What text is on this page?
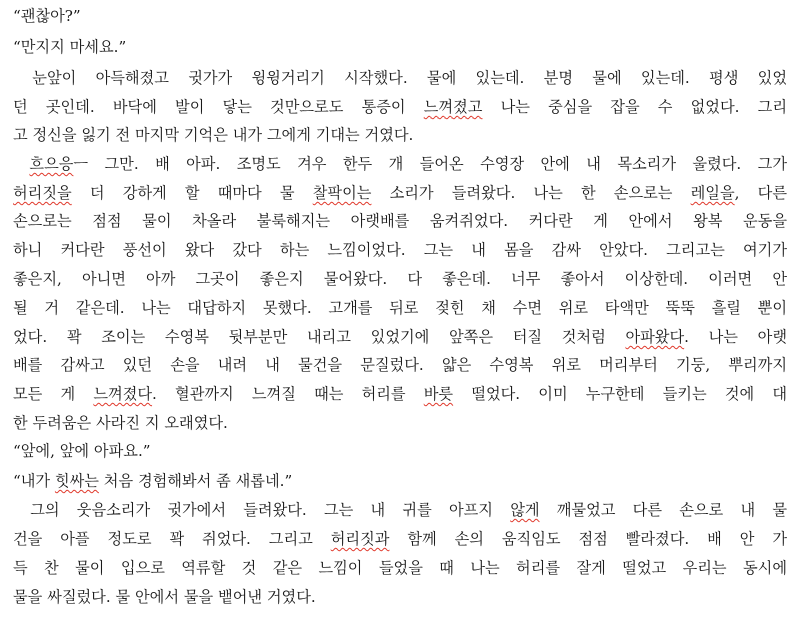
“괜찮아?”

“만지지 마세요.”

눈앞이 아득해졌고 귓가가 윙윙거리기 시작했다. 물에 있는데. 분명 물에 있는데. 평생 있었

던 곳인데. 바닥에 발이 닿는 것만으로도 통증이 느껴졌고 나는 중심을 잡을 수 없었다. 그리

고 정신을 잃기 전 마지막 기억은 내가 그에게 기대는 거였다.

흐으응ㅡ 그만. 배 아파. 조명도 겨우 한두 개 들어온 수영장 안에 내 목소리가 울렸다. 그가

허리짓을 더 강하게 할 때마다 물 찰팍이는 소리가 들려왔다. 나는 한 손으로는 레일을, 다른

손으로는 점점 물이 차올라 불룩해지는 아랫배를 움켜쥐었다. 커다란 게 안에서 왕복 운동을

하니 커다란 풍선이 왔다 갔다 하는 느낌이었다. 그는 내 몸을 감싸 안았다. 그리고는 여기가

좋은지, 아니면 아까 그곳이 좋은지 물어왔다. 다 좋은데. 너무 좋아서 이상한데. 이러면 안

될 거 같은데. 나는 대답하지 못했다. 고개를 뒤로 젖힌 채 수면 위로 타액만 뚝뚝 흘릴 뿐이

었다. 꽉 조이는 수영복 뒷부분만 내리고 있었기에 앞쪽은 터질 것처럼 아파왔다. 나는 아랫

배를 감싸고 있던 손을 내려 내 물건을 문질렀다. 얇은 수영복 위로 머리부터 기둥, 뿌리까지

모든 게 느껴졌다. 혈관까지 느껴질 때는 허리를 바릇 떨었다. 이미 누구한테 들키는 것에 대

한 두려움은 사라진 지 오래였다.

“앞에, 앞에 아파요.”

“내가 힛싸는 처음 경험해봐서 좀 새롭네.”

그의 웃음소리가 귓가에서 들려왔다. 그는 내 귀를 아프지 않게 깨물었고 다른 손으로 내 물

건을 아플 정도로 꽉 쥐었다. 그리고 허리짓과 함께 손의 움직임도 점점 빨라졌다. 배 안 가

득 찬 물이 입으로 역류할 것 같은 느낌이 들었을 때 나는 허리를 잘게 떨었고 우리는 동시에

물을 싸질렀다. 물 안에서 물을 뱉어낸 거였다.
